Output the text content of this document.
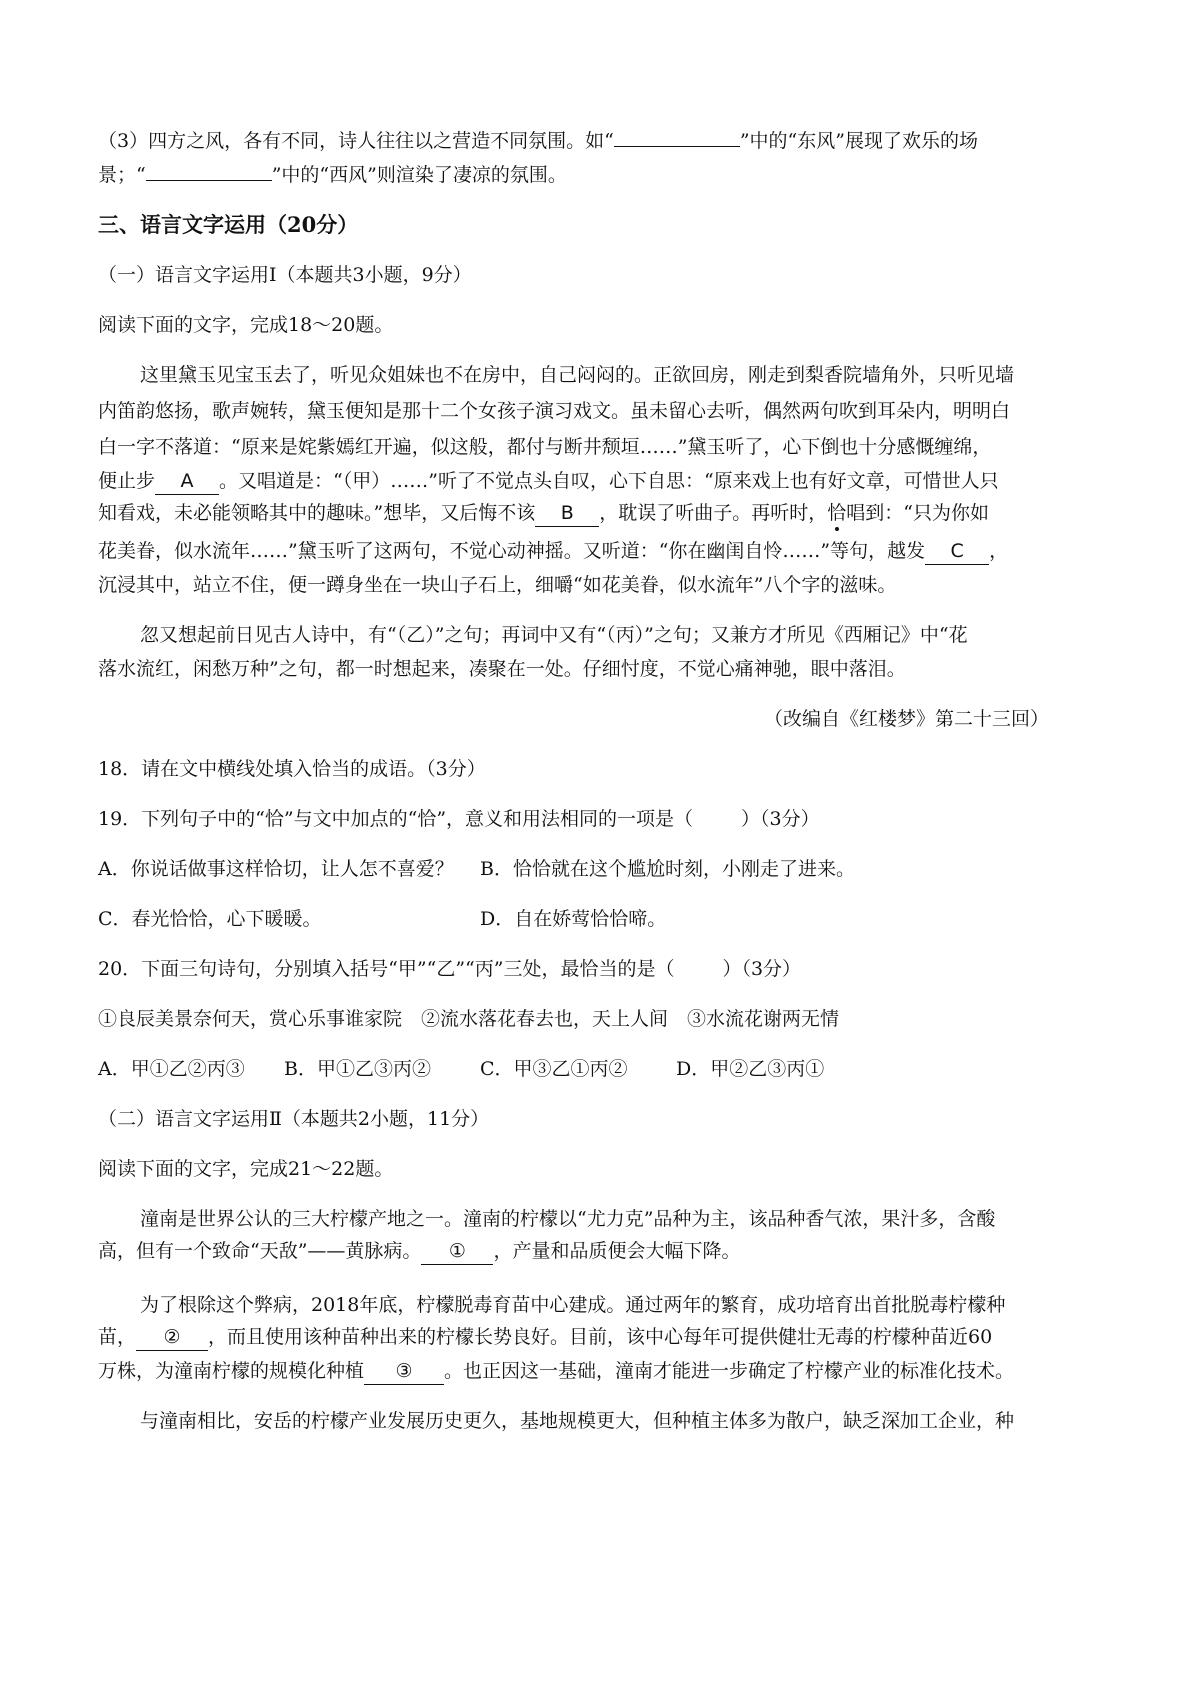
（3）四方之风，各有不同，诗人往往以之营造不同氛围。如“	”中的“东风”展现了欢乐的场
景；“	”中的“西风”则渲染了凄凉的氛围。
三、语言文字运用（20分）
（一）语言文字运用Ⅰ（本题共3小题，9分）
阅读下面的文字，完成18～20题。
这里黛玉见宝玉去了，听见众姐妹也不在房中，自己闷闷的。正欲回房，刚走到梨香院墙角外，只听见墙
内笛韵悠扬，歌声婉转，黛玉便知是那十二个女孩子演习戏文。虽未留心去听，偶然两句吹到耳朵内，明明白
白一字不落道：“原来是姹紫嫣红开遍，似这般，都付与断井颓垣……”黛玉听了，心下倒也十分感慨缠绵，
便止步 A 。又唱道是：“（甲）……”听了不觉点头自叹，心下自思：“原来戏上也有好文章，可惜世人只
知看戏，未必能领略其中的趣味。”想毕，又后悔不该 B ，耽误了听曲子。再听时，恰唱到：“只为你如
花美眷，似水流年……”黛玉听了这两句，不觉心动神摇。又听道：“你在幽闺自怜……”等句，越发 C ，
沉浸其中，站立不住，便一蹲身坐在一块山子石上，细嚼“如花美眷，似水流年”八个字的滋味。
忽又想起前日见古人诗中，有“（乙）”之句；再词中又有“（丙）”之句；又兼方才所见《西厢记》中“花
落水流红，闲愁万种”之句，都一时想起来，凑聚在一处。仔细忖度，不觉心痛神驰，眼中落泪。
（改编自《红楼梦》第二十三回）
18．请在文中横线处填入恰当的成语。（3分）
19．下列句子中的“恰”与文中加点的“恰”，意义和用法相同的一项是（	）（3分）
A．你说话做事这样恰切，让人怎不喜爱？ B．恰恰就在这个尴尬时刻，小刚走了进来。
C．春光恰恰，心下暖暖。	D．自在娇莺恰恰啼。
20．下面三句诗句，分别填入括号“甲”“乙”“丙”三处，最恰当的是（	）（3分）
①良辰美景奈何天，赏心乐事谁家院　②流水落花春去也，天上人间　③水流花谢两无情
A．甲①乙②丙③ B．甲①乙③丙②	C．甲③乙①丙②	D．甲②乙③丙①
（二）语言文字运用Ⅱ（本题共2小题，11分）
阅读下面的文字，完成21～22题。
潼南是世界公认的三大柠檬产地之一。潼南的柠檬以“尤力克”品种为主，该品种香气浓，果汁多，含酸
高，但有一个致命“天敌”——黄脉病。 ① ，产量和品质便会大幅下降。
为了根除这个弊病，2018年底，柠檬脱毒育苗中心建成。通过两年的繁育，成功培育出首批脱毒柠檬种
苗， ② ，而且使用该种苗种出来的柠檬长势良好。目前，该中心每年可提供健壮无毒的柠檬种苗近60
万株，为潼南柠檬的规模化种植 ③ 。也正因这一基础，潼南才能进一步确定了柠檬产业的标准化技术。
与潼南相比，安岳的柠檬产业发展历史更久，基地规模更大，但种植主体多为散户，缺乏深加工企业，种
